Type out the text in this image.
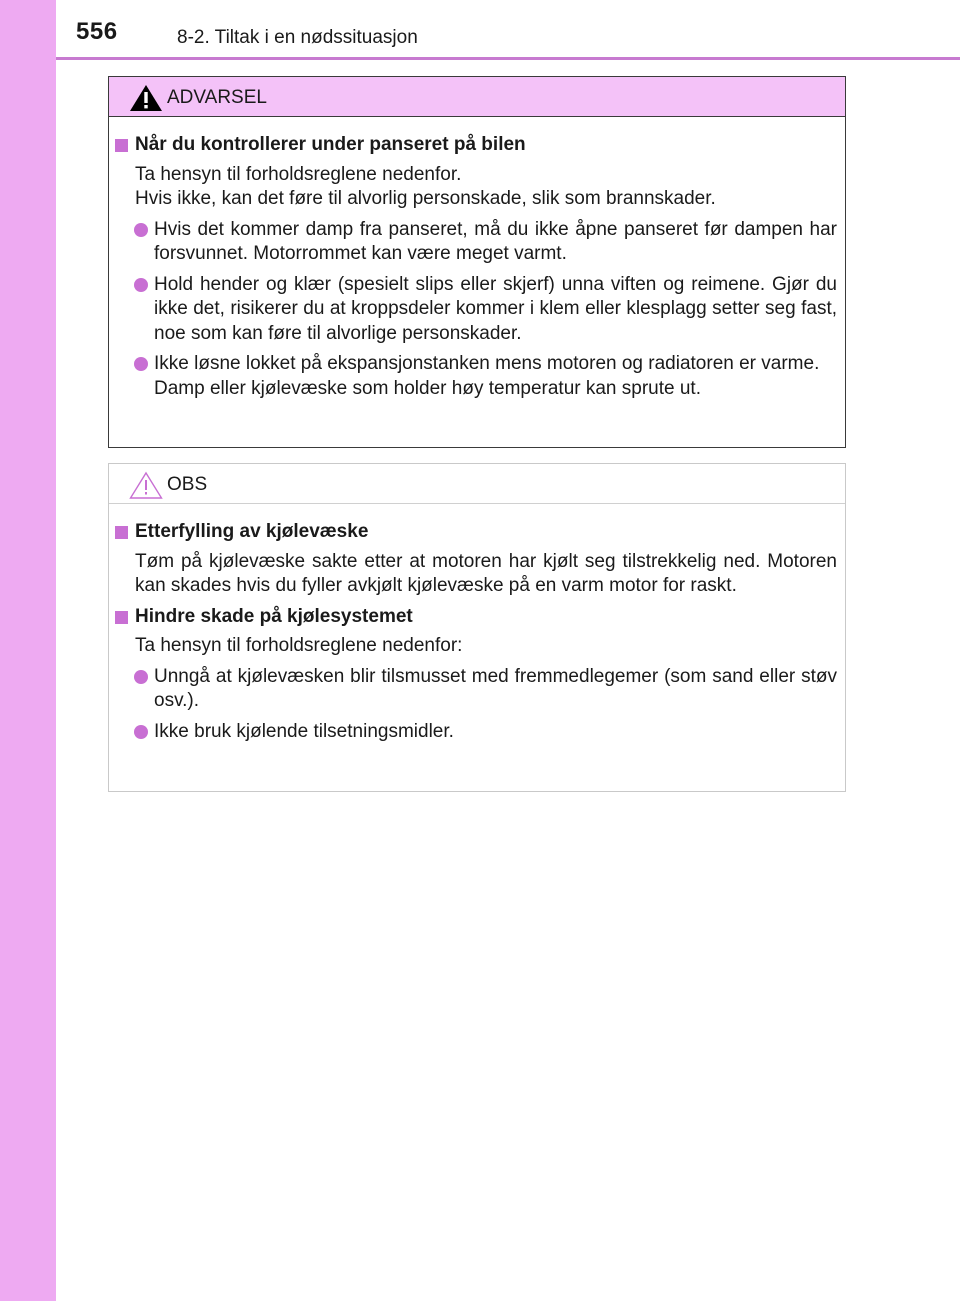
556	8-2. Tiltak i en nødssituasjon
ADVARSEL
Når du kontrollerer under panseret på bilen
Ta hensyn til forholdsreglene nedenfor.
Hvis ikke, kan det føre til alvorlig personskade, slik som brannskader.
Hvis det kommer damp fra panseret, må du ikke åpne panseret før dampen har forsvunnet. Motorrommet kan være meget varmt.
Hold hender og klær (spesielt slips eller skjerf) unna viften og reimene. Gjør du ikke det, risikerer du at kroppsdeler kommer i klem eller klesplagg setter seg fast, noe som kan føre til alvorlige personskader.
Ikke løsne lokket på ekspansjonstanken mens motoren og radiatoren er varme.
Damp eller kjølevæske som holder høy temperatur kan sprute ut.
OBS
Etterfylling av kjølevæske
Tøm på kjølevæske sakte etter at motoren har kjølt seg tilstrekkelig ned. Motoren kan skades hvis du fyller avkjølt kjølevæske på en varm motor for raskt.
Hindre skade på kjølesystemet
Ta hensyn til forholdsreglene nedenfor:
Unngå at kjølevæsken blir tilsmusset med fremmedlegemer (som sand eller støv osv.).
Ikke bruk kjølende tilsetningsmidler.
